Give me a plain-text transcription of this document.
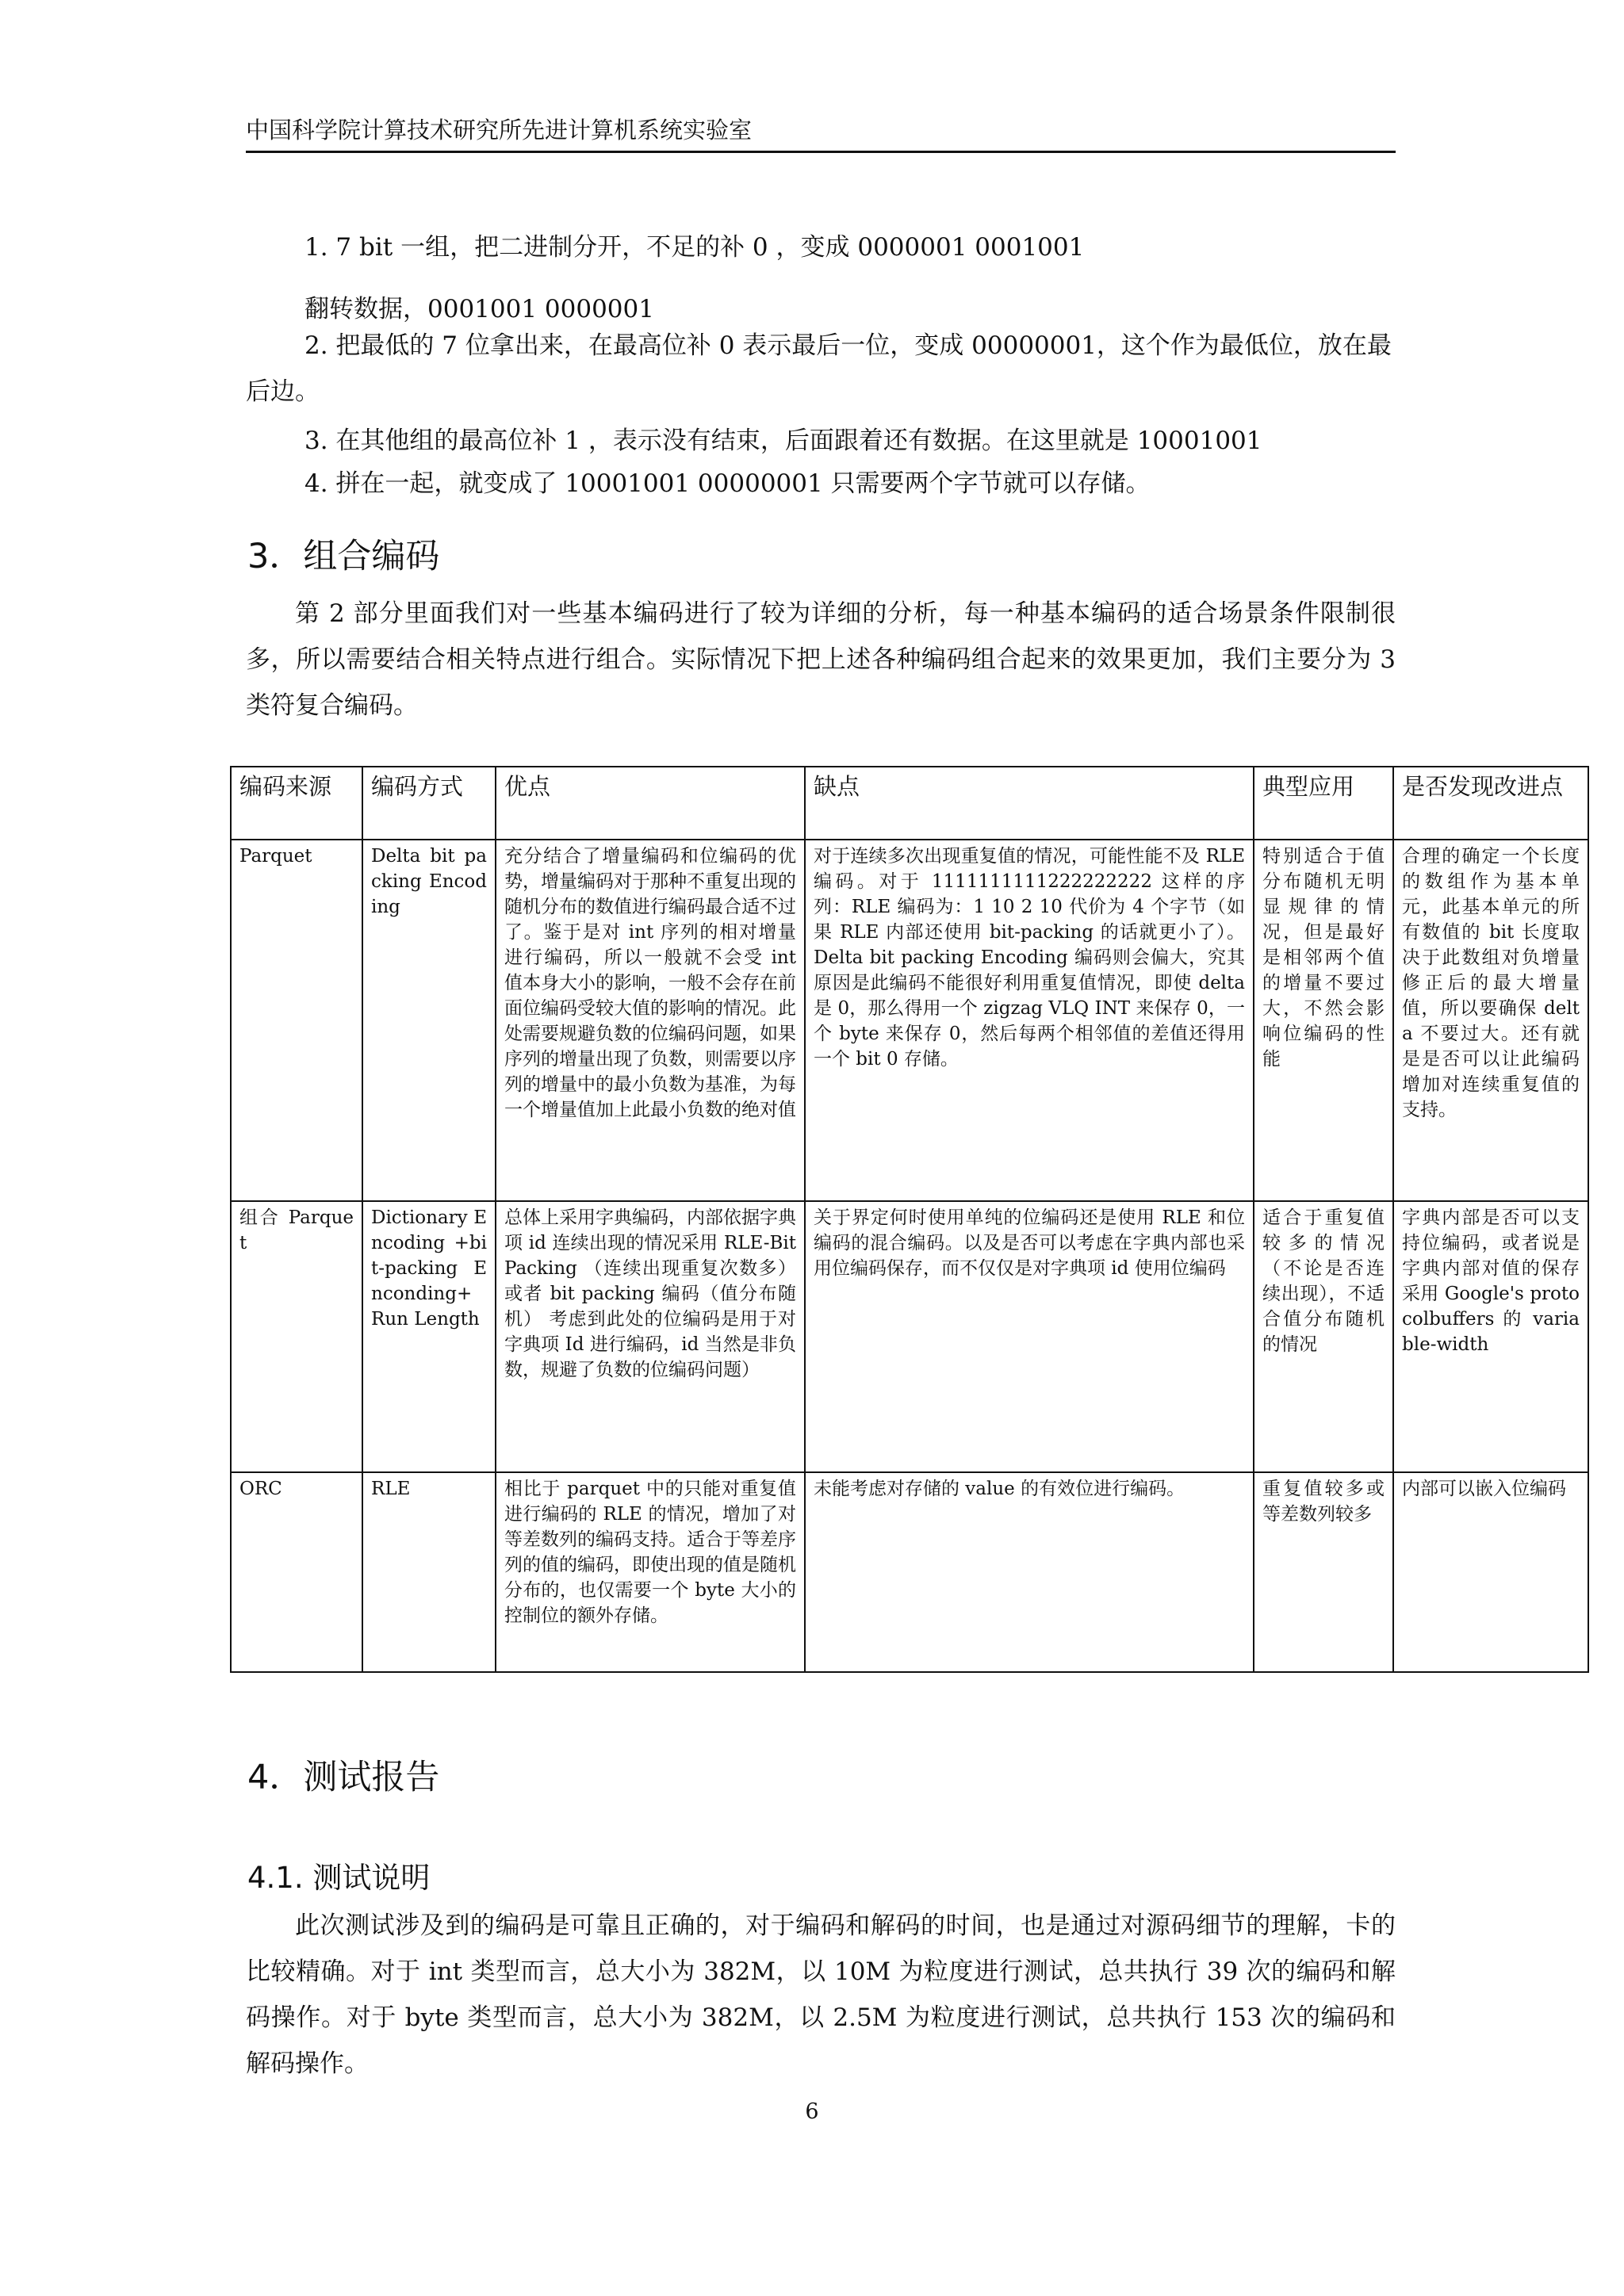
中国科学院计算技术研究所先进计算机系统实验室
1. 7 bit 一组，把二进制分开，不足的补 0 ，变成 0000001 0001001
翻转数据，0001001 0000001
2. 把最低的 7 位拿出来，在最高位补 0 表示最后一位，变成 00000001，这个作为最低位，放在最后边。
3. 在其他组的最高位补 1 ，表示没有结束，后面跟着还有数据。在这里就是 10001001
4. 拼在一起，就变成了 10001001 00000001 只需要两个字节就可以存储。
3．组合编码
第 2 部分里面我们对一些基本编码进行了较为详细的分析，每一种基本编码的适合场景条件限制很多，所以需要结合相关特点进行组合。实际情况下把上述各种编码组合起来的效果更加，我们主要分为 3 类符复合编码。
编码来源	编码方式	优点	缺点	典型应用	是否发现改进点
Parquet	Delta bit packing Encoding	充分结合了增量编码和位编码的优势，增量编码对于那种不重复出现的随机分布的数值进行编码最合适不过了。鉴于是对 int 序列的相对增量进行编码，所以一般就不会受 int 值本身大小的影响，一般不会存在前面位编码受较大值的影响的情况。此处需要规避负数的位编码问题，如果序列的增量出现了负数，则需要以序列的增量中的最小负数为基准，为每一个增量值加上此最小负数的绝对值	对于连续多次出现重复值的情况，可能性能不及 RLE 编码。对于 1111111111222222222 这样的序列：RLE 编码为：1 10 2 10 代价为 4 个字节（如果 RLE 内部还使用 bit-packing 的话就更小了）。 Delta bit packing Encoding 编码则会偏大，究其原因是此编码不能很好利用重复值情况，即使 delta 是 0，那么得用一个 zigzag VLQ INT 来保存 0，一个 byte 来保存 0，然后每两个相邻值的差值还得用一个 bit 0 存储。	特别适合于值分布随机无明显规律的情况，但是最好是相邻两个值的增量不要过大，不然会影响位编码的性能	合理的确定一个长度的数组作为基本单元，此基本单元的所有数值的 bit 长度取决于此数组对负增量修正后的最大增量值，所以要确保 delta 不要过大。还有就是是否可以让此编码增加对连续重复值的支持。
组合 Parquet	Dictionary Encoding +bit-packing Enconding+ Run Length	总体上采用字典编码，内部依据字典项 id 连续出现的情况采用 RLE-Bit Packing （连续出现重复次数多）或者 bit packing 编码（值分布随机） 考虑到此处的位编码是用于对字典项 Id 进行编码，id 当然是非负数，规避了负数的位编码问题）	关于界定何时使用单纯的位编码还是使用 RLE 和位编码的混合编码。以及是否可以考虑在字典内部也采用位编码保存，而不仅仅是对字典项 id 使用位编码	适合于重复值较多的情况（不论是否连续出现），不适合值分布随机的情况	字典内部是否可以支持位编码，或者说是字典内部对值的保存采用 Google's protocolbuffers 的 variable-width
ORC	RLE	相比于 parquet 中的只能对重复值进行编码的 RLE 的情况，增加了对等差数列的编码支持。适合于等差序列的值的编码，即使出现的值是随机分布的，也仅需要一个 byte 大小的控制位的额外存储。	未能考虑对存储的 value 的有效位进行编码。	重复值较多或等差数列较多	内部可以嵌入位编码
4．测试报告
4.1. 测试说明
此次测试涉及到的编码是可靠且正确的，对于编码和解码的时间，也是通过对源码细节的理解，卡的比较精确。对于 int 类型而言，总大小为 382M，以 10M 为粒度进行测试，总共执行 39 次的编码和解码操作。对于 byte 类型而言，总大小为 382M，以 2.5M 为粒度进行测试，总共执行 153 次的编码和解码操作。
6
